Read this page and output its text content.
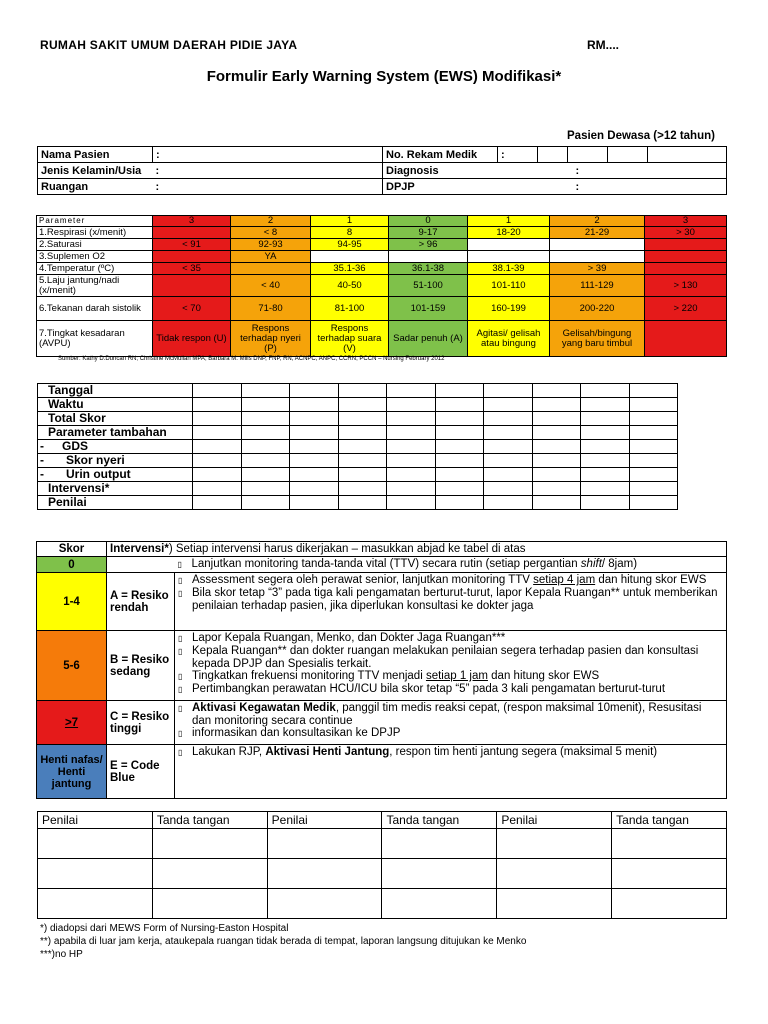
RUMAH SAKIT UMUM DAERAH PIDIE JAYA	RM....
Formulir Early Warning System (EWS) Modifikasi*
Pasien Dewasa (>12 tahun)
Nama Pasien	:	No. Rekam Medik	:				
Jenis Kelamin/Usia	:	Diagnosis	:				
Ruangan	:	DPJP	:				
Parameter	3	2	1	0	1	2	3
1.Respirasi (x/menit)		< 8	8	9-17	18-20	21-29	> 30
2.Saturasi	< 91	92-93	94-95	> 96			
3.Suplemen O2		YA					
4.Temperatur (ºC)	< 35		35.1-36	36.1-38	38.1-39	> 39	
5.Laju jantung/nadi (x/menit)		< 40	40-50	51-100	101-110	111-129	> 130
6.Tekanan darah sistolik	< 70	71-80	81-100	101-159	160-199	200-220	> 220
7.Tingkat kesadaran (AVPU)	Tidak respon (U)	Respons terhadap nyeri (P)	Respons terhadap suara (V)	Sadar penuh (A)	Agitasi/ gelisah atau bingung	Gelisah/bingung yang baru timbul	
Sumber: Kathy D.Duncan RN; Christine McMullan MPA; Barbara M. Mills DNP, FNP, RN, ACNPC, ANPC, CCRN, PCCN – Nursing February 2012
Tanggal										
Waktu										
Total Skor										
Parameter tambahan										
- GDS										
- Skor nyeri										
- Urin output										
Intervensi*										
Penilai										
Skor	Intervensi*) Setiap intervensi harus dikerjakan – masukkan abjad ke tabel di atas	
0		▯ Lanjutkan monitoring tanda-tanda vital (TTV) secara rutin (setiap pergantian shift/ 8jam)

1-4	A = Resiko rendah	▯ Assessment segera oleh perawat senior, lanjutkan monitoring TTV setiap 4 jam dan hitung skor EWS
▯ Bila skor tetap “3” pada tiga kali pengamatan berturut-turut, lapor Kepala Ruangan** untuk memberikan penilaian terhadap pasien, jika diperlukan konsultasi ke dokter jaga

5-6	B = Resiko sedang	▯ Lapor Kepala Ruangan, Menko, dan Dokter Jaga Ruangan***
▯ Kepala Ruangan** dan dokter ruangan melakukan penilaian segera terhadap pasien dan konsultasi kepada DPJP dan Spesialis terkait.
▯ Tingkatkan frekuensi monitoring TTV menjadi setiap 1 jam dan hitung skor EWS
▯ Pertimbangkan perawatan HCU/ICU bila skor tetap “5” pada 3 kali pengamatan berturut-turut

>7	C = Resiko tinggi	▯ Aktivasi Kegawatan Medik, panggil tim medis reaksi cepat, (respon maksimal 10menit), Resusitasi dan monitoring secara continue
▯ informasikan dan konsultasikan ke DPJP

Henti nafas/ Henti jantung	E = Code Blue	▯ Lakukan RJP, Aktivasi Henti Jantung, respon tim henti jantung segera (maksimal 5 menit)
Penilai	Tanda tangan	Penilai	Tanda tangan	Penilai	Tanda tangan

*) diadopsi dari MEWS Form of Nursing-Easton Hospital
**) apabila di luar jam kerja, ataukepala ruangan tidak berada di tempat, laporan langsung ditujukan ke Menko
***)no HP
